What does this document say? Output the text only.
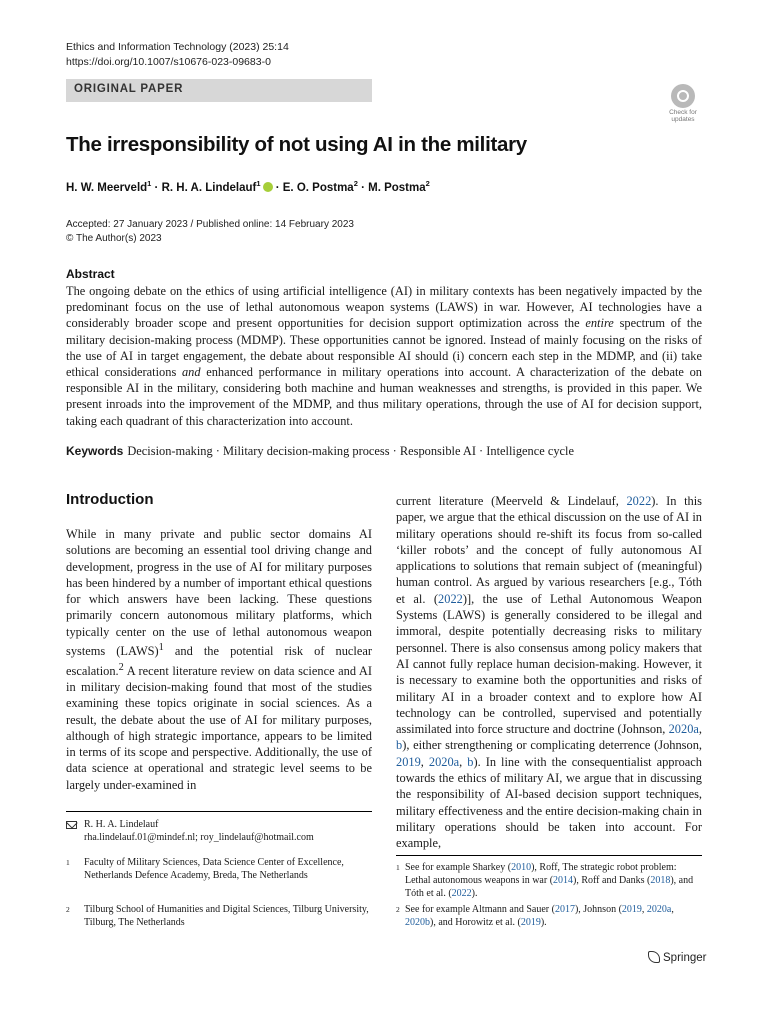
Ethics and Information Technology (2023) 25:14
https://doi.org/10.1007/s10676-023-09683-0
ORIGINAL PAPER
Check for
updates
The irresponsibility of not using AI in the military
H. W. Meerveld$^1$ · R. H. A. Lindelauf$^1$ · E. O. Postma$^2$ · M. Postma$^2$
Accepted: 27 January 2023 / Published online: 14 February 2023
© The Author(s) 2023
Abstract
The ongoing debate on the ethics of using artificial intelligence (AI) in military contexts has been negatively impacted by the predominant focus on the use of lethal autonomous weapon systems (LAWS) in war. However, AI technologies have a considerably broader scope and present opportunities for decision support optimization across the entire spectrum of the military decision-making process (MDMP). These opportunities cannot be ignored. Instead of mainly focusing on the risks of the use of AI in target engagement, the debate about responsible AI should (i) concern each step in the MDMP, and (ii) take ethical considerations and enhanced performance in military operations into account. A characterization of the debate on responsible AI in the military, considering both machine and human weaknesses and strengths, is provided in this paper. We present inroads into the improvement of the MDMP, and thus military operations, through the use of AI for decision support, taking each quadrant of this characterization into account.
Keywords Decision-making · Military decision-making process · Responsible AI · Intelligence cycle
Introduction
While in many private and public sector domains AI solutions are becoming an essential tool driving change and development, progress in the use of AI for military purposes has been hindered by a number of important ethical questions for which answers have been lacking. These questions primarily concern autonomous military platforms, which typically center on the use of lethal autonomous weapon systems (LAWS)$^1$ and the potential risk of nuclear escalation.$^2$ A recent literature review on data science and AI in military decision-making found that most of the studies examining these topics originate in social sciences. As a result, the debate about the use of AI for military purposes, although of high strategic importance, appears to be limited in terms of its scope and perspective. Additionally, the use of data science at operational and strategic level seems to be largely under-examined in
current literature (Meerveld & Lindelauf, 2022). In this paper, we argue that the ethical discussion on the use of AI in military operations should re-shift its focus from so-called ‘killer robots’ and the concept of fully autonomous AI applications to solutions that remain subject of (meaningful) human control. As argued by various researchers [e.g., Tóth et al. (2022)], the use of Lethal Autonomous Weapon Systems (LAWS) is generally considered to be illegal and immoral, despite potentially decreasing risks to military personnel. There is also consensus among policy makers that AI cannot fully replace human decision-making. However, it is necessary to examine both the opportunities and risks of military AI in a broader context and to explore how AI technology can be controlled, supervised and potentially assimilated into force structure and doctrine (Johnson, 2020a, b), either strengthening or complicating deterrence (Johnson, 2019, 2020a, b). In line with the consequentialist approach towards the ethics of military AI, we argue that in discussing the responsibility of AI-based decision support techniques, military effectiveness and the entire decision-making chain in military operations should be taken into account. For example,
R. H. A. Lindelauf
rha.lindelauf.01@mindef.nl; roy_lindelauf@hotmail.com
1	Faculty of Military Sciences, Data Science Center of Excellence, Netherlands Defence Academy, Breda, The Netherlands
2	Tilburg School of Humanities and Digital Sciences, Tilburg University, Tilburg, The Netherlands
1 See for example Sharkey (2010), Roff, The strategic robot problem: Lethal autonomous weapons in war (2014), Roff and Danks (2018), and Tóth et al. (2022).
2 See for example Altmann and Sauer (2017), Johnson (2019, 2020a, 2020b), and Horowitz et al. (2019).
Springer
